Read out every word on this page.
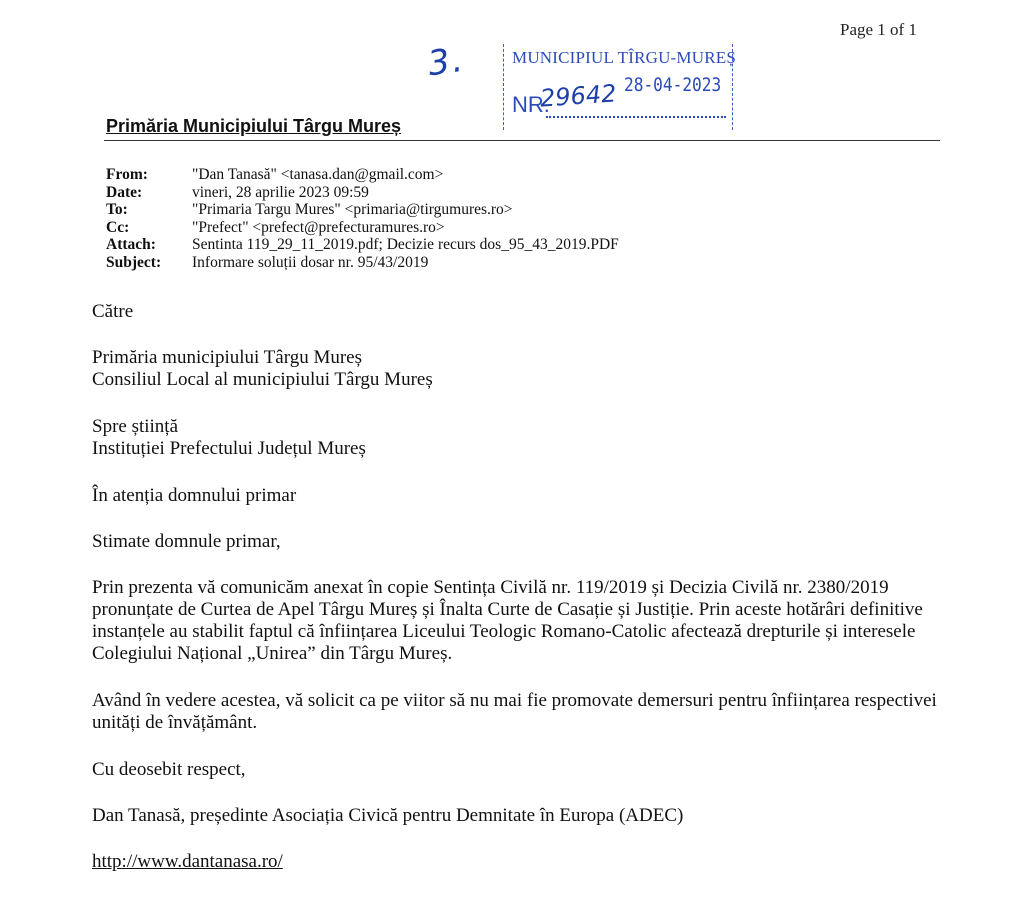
Page 1 of 1
3.	MUNICIPIUL TÎRGU-MUREȘ
28-04-2023
NR.
29642
Primăria Municipiului Târgu Mureș
From:	"Dan Tanasă" <tanasa.dan@gmail.com>
Date:	vineri, 28 aprilie 2023 09:59
To:	"Primaria Targu Mures" <primaria@tirgumures.ro>
Cc:	"Prefect" <prefect@prefecturamures.ro>
Attach:	Sentinta 119_29_11_2019.pdf; Decizie recurs dos_95_43_2019.PDF
Subject:	Informare soluții dosar nr. 95/43/2019

Către

Primăria municipiului Târgu Mureș

Consiliul Local al municipiului Târgu Mureș

Spre știință

Instituției Prefectului Județul Mureș

În atenția domnului primar

Stimate domnule primar,

Prin prezenta vă comunicăm anexat în copie Sentința Civilă nr. 119/2019 și Decizia Civilă nr. 2380/2019 pronunțate de Curtea de Apel Târgu Mureș și Înalta Curte de Casație și Justiție. Prin aceste hotărâri definitive instanțele au stabilit faptul că înființarea Liceului Teologic Romano-Catolic afectează drepturile și interesele Colegiului Național „Unirea” din Târgu Mureș.

Având în vedere acestea, vă solicit ca pe viitor să nu mai fie promovate demersuri pentru înființarea respectivei unități de învățământ.

Cu deosebit respect,

Dan Tanasă, președinte Asociația Civică pentru Demnitate în Europa (ADEC)

http://www.dantanasa.ro/
